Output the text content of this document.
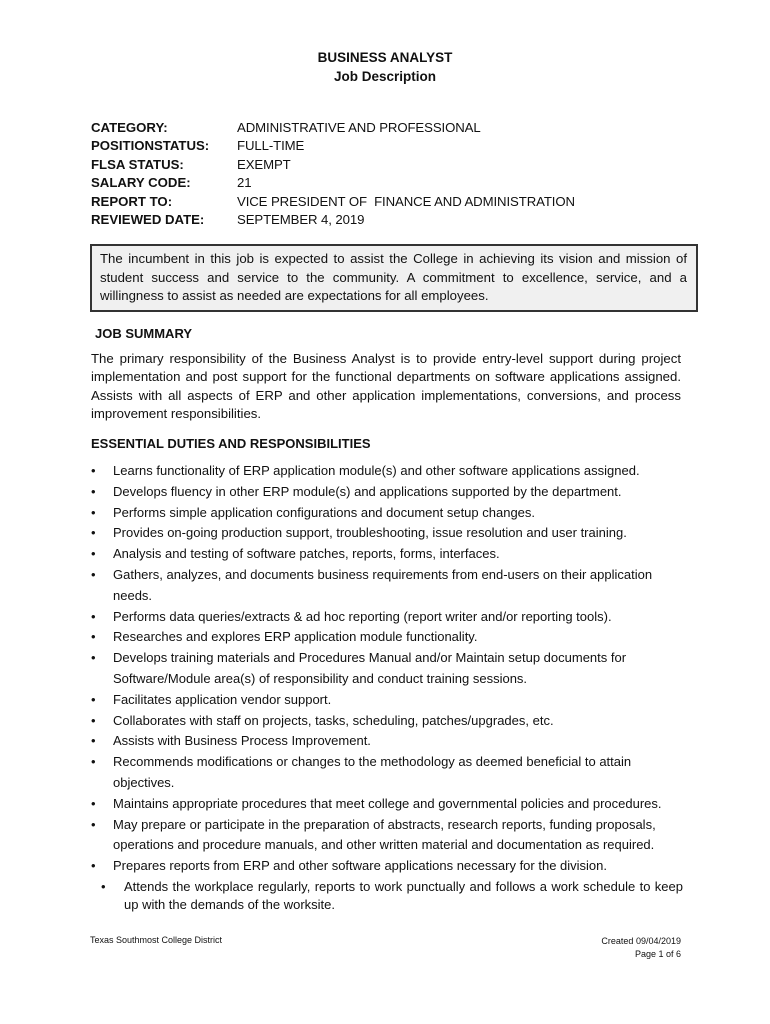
BUSINESS ANALYST
Job Description
CATEGORY:	ADMINISTRATIVE AND PROFESSIONAL
POSITIONSTATUS:	FULL-TIME
FLSA STATUS:	EXEMPT
SALARY CODE:	21
REPORT TO:	VICE PRESIDENT OF  FINANCE AND ADMINISTRATION
REVIEWED DATE:	SEPTEMBER 4, 2019
The incumbent in this job is expected to assist the College in achieving its vision and mission of student success and service to the community. A commitment to excellence, service, and a willingness to assist as needed are expectations for all employees.
JOB SUMMARY
The primary responsibility of the Business Analyst is to provide entry-level support during project implementation and post support for the functional departments on software applications assigned. Assists with all aspects of ERP and other application implementations, conversions, and process improvement responsibilities.
ESSENTIAL DUTIES AND RESPONSIBILITIES
• Learns functionality of ERP application module(s) and other software applications assigned.
• Develops fluency in other ERP module(s) and applications supported by the department.
• Performs simple application configurations and document setup changes.
• Provides on-going production support, troubleshooting, issue resolution and user training.
• Analysis and testing of software patches, reports, forms, interfaces.
• Gathers, analyzes, and documents business requirements from end-users on their application needs.
• Performs data queries/extracts & ad hoc reporting (report writer and/or reporting tools).
• Researches and explores ERP application module functionality.
• Develops training materials and Procedures Manual and/or Maintain setup documents for Software/Module area(s) of responsibility and conduct training sessions.
• Facilitates application vendor support.
• Collaborates with staff on projects, tasks, scheduling, patches/upgrades, etc.
• Assists with Business Process Improvement.
• Recommends modifications or changes to the methodology as deemed beneficial to attain objectives.
• Maintains appropriate procedures that meet college and governmental policies and procedures.
• May prepare or participate in the preparation of abstracts, research reports, funding proposals, operations and procedure manuals, and other written material and documentation as required.
• Prepares reports from ERP and other software applications necessary for the division.
• Attends the workplace regularly, reports to work punctually and follows a work schedule to keep up with the demands of the worksite.
Texas Southmost College District	Created 09/04/2019
Page 1 of 6
